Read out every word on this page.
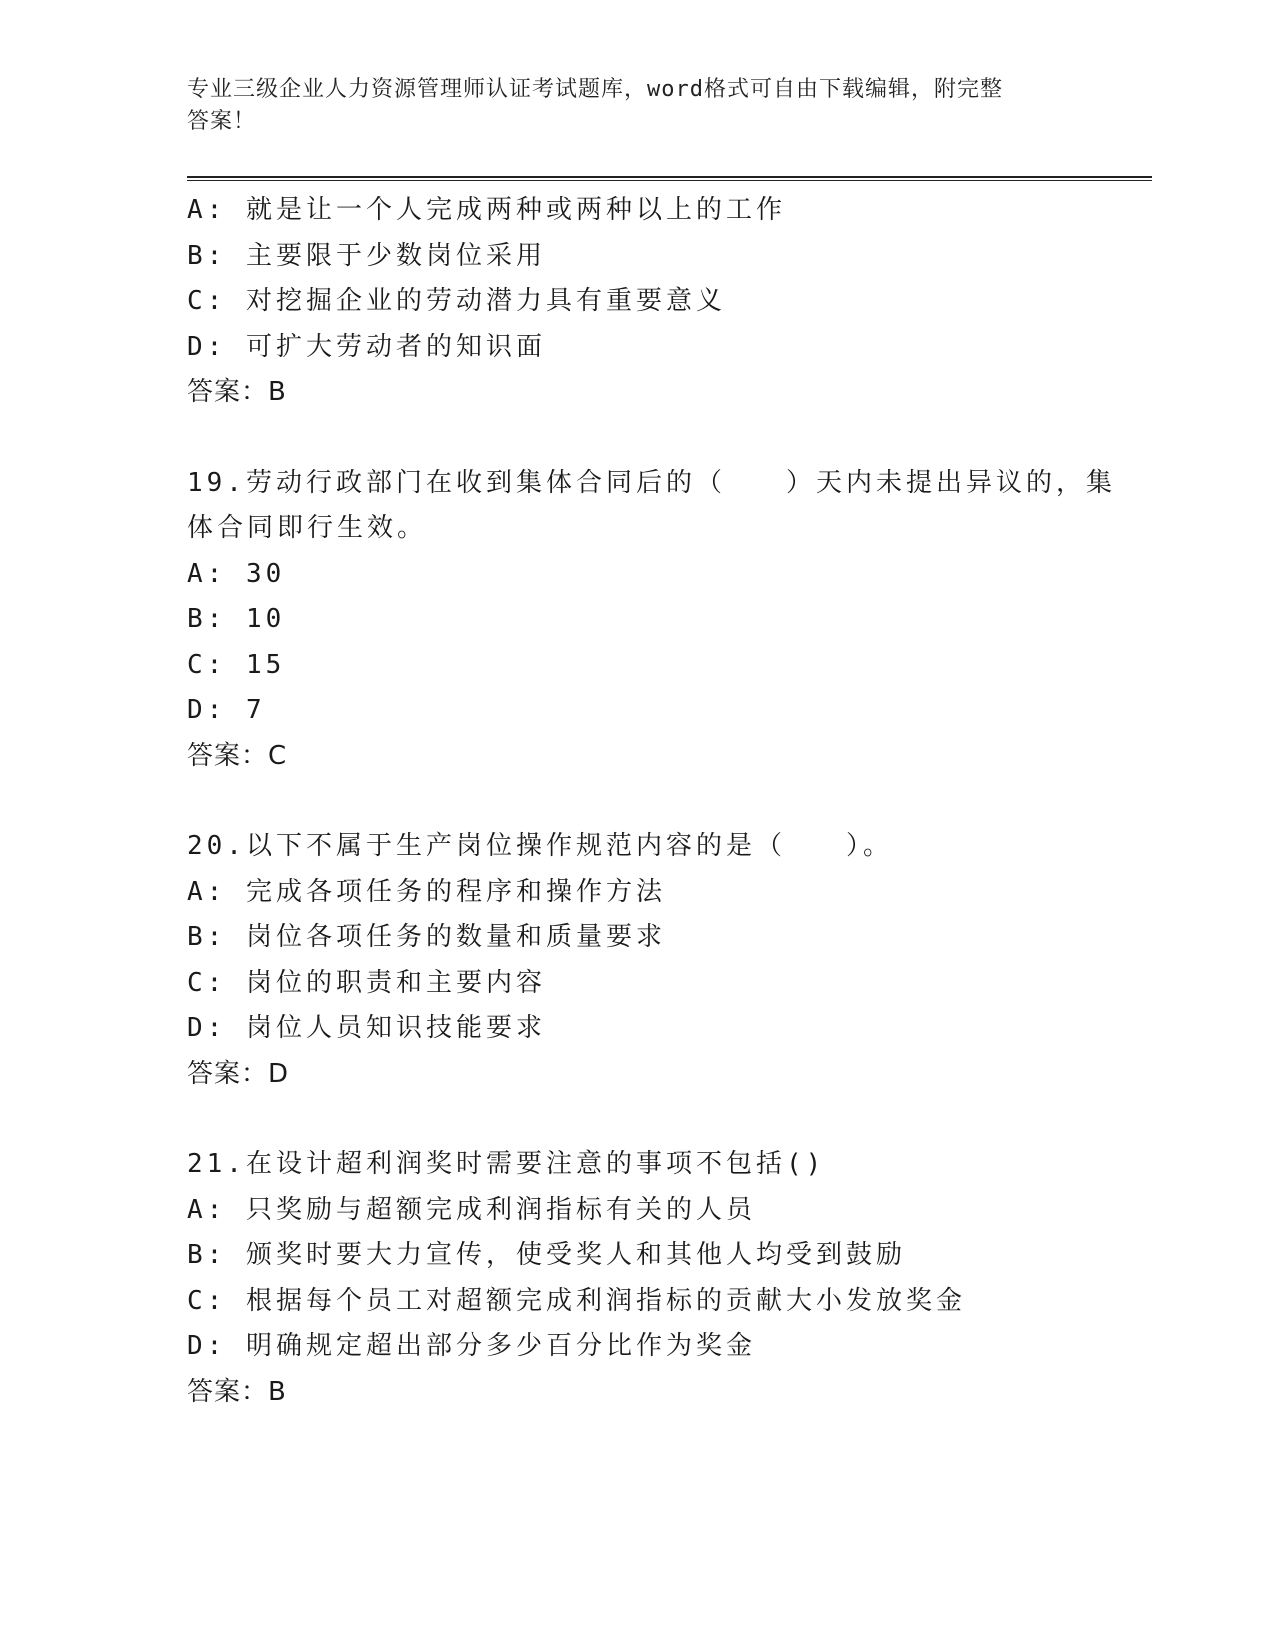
专业三级企业人力资源管理师认证考试题库，word格式可自由下载编辑，附完整
答案！
A: 就是让一个人完成两种或两种以上的工作
B: 主要限于少数岗位采用
C: 对挖掘企业的劳动潜力具有重要意义
D: 可扩大劳动者的知识面
答案：B
19.劳动行政部门在收到集体合同后的（　　）天内未提出异议的，集
体合同即行生效。
A: 30
B: 10
C: 15
D: 7
答案：C
20.以下不属于生产岗位操作规范内容的是（　　）。
A: 完成各项任务的程序和操作方法
B: 岗位各项任务的数量和质量要求
C: 岗位的职责和主要内容
D: 岗位人员知识技能要求
答案：D
21.在设计超利润奖时需要注意的事项不包括()
A: 只奖励与超额完成利润指标有关的人员
B: 颁奖时要大力宣传，使受奖人和其他人均受到鼓励
C: 根据每个员工对超额完成利润指标的贡献大小发放奖金
D: 明确规定超出部分多少百分比作为奖金
答案：B
